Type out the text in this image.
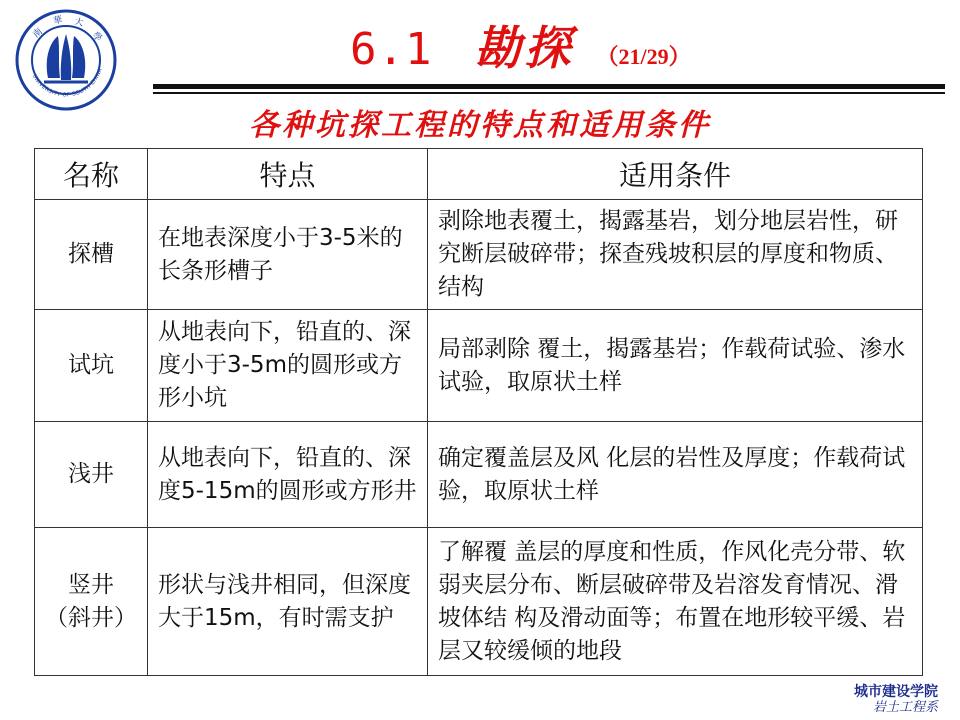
南
華 大
學
UNIVERSITY OF SOUTH CHINA	6.1 勘探 （21/29）
各种坑探工程的特点和适用条件
名称	特点	适用条件
探槽	在地表深度小于3-5米的长条形槽子	剥除地表覆土，揭露基岩，划分地层岩性，研究断层破碎带；探查残坡积层的厚度和物质、结构
试坑	从地表向下，铅直的、深度小于3-5m的圆形或方形小坑	局部剥除 覆土，揭露基岩；作载荷试验、渗水试验，取原状土样
浅井	从地表向下，铅直的、深度5-15m的圆形或方形井	确定覆盖层及风 化层的岩性及厚度；作载荷试验，取原状土样

竖井
（斜井）	形状与浅井相同，但深度大于15m，有时需支护	了解覆 盖层的厚度和性质，作风化壳分带、软弱夹层分布、断层破碎带及岩溶发育情况、滑坡体结 构及滑动面等；布置在地形较平缓、岩层又较缓倾的地段
城市建设学院
岩土工程系
